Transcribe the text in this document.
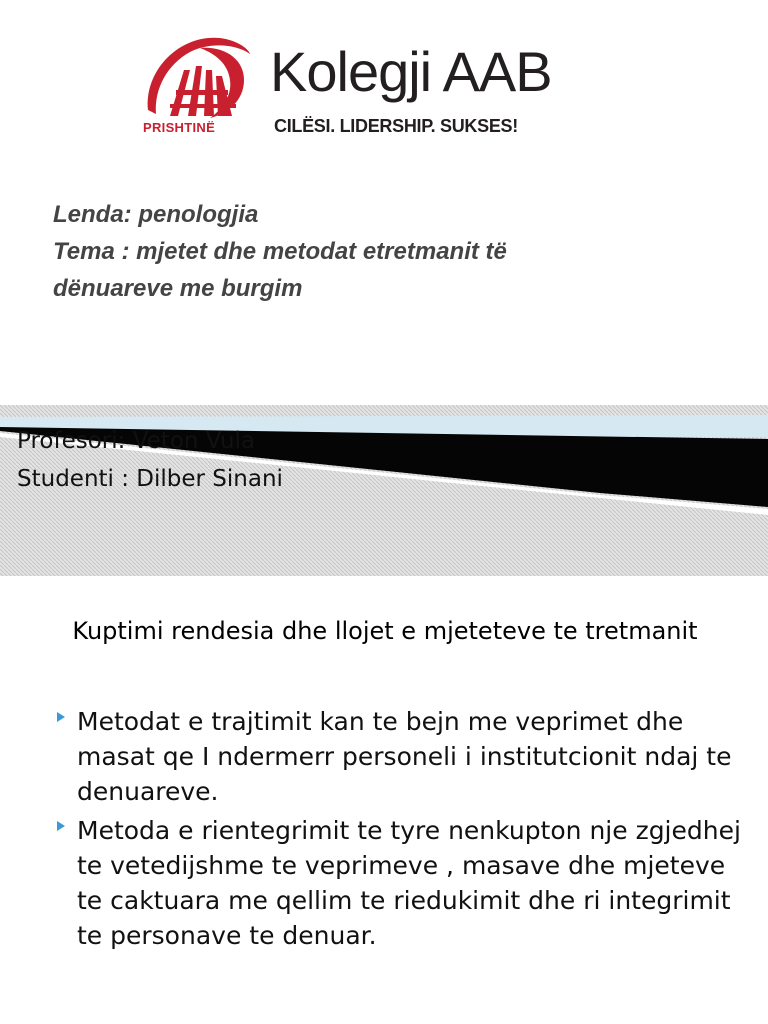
PRISHTINË
Kolegji AAB
CILËSI. LIDERSHIP. SUKSES!
Lenda: penologjia
Tema : mjetet dhe metodat etretmanit të
dënuareve me burgim
Profesori: Veton Vula
Studenti : Dilber Sinani
Kuptimi rendesia dhe llojet e mjeteteve te tretmanit
Metodat e trajtimit kan te bejn me veprimet dhe masat qe I ndermerr personeli i institutcionit ndaj te denuareve.
Metoda e rientegrimit te tyre nenkupton nje zgjedhej te vetedijshme te veprimeve , masave dhe mjeteve te caktuara me qellim te riedukimit dhe ri integrimit te personave te denuar.
